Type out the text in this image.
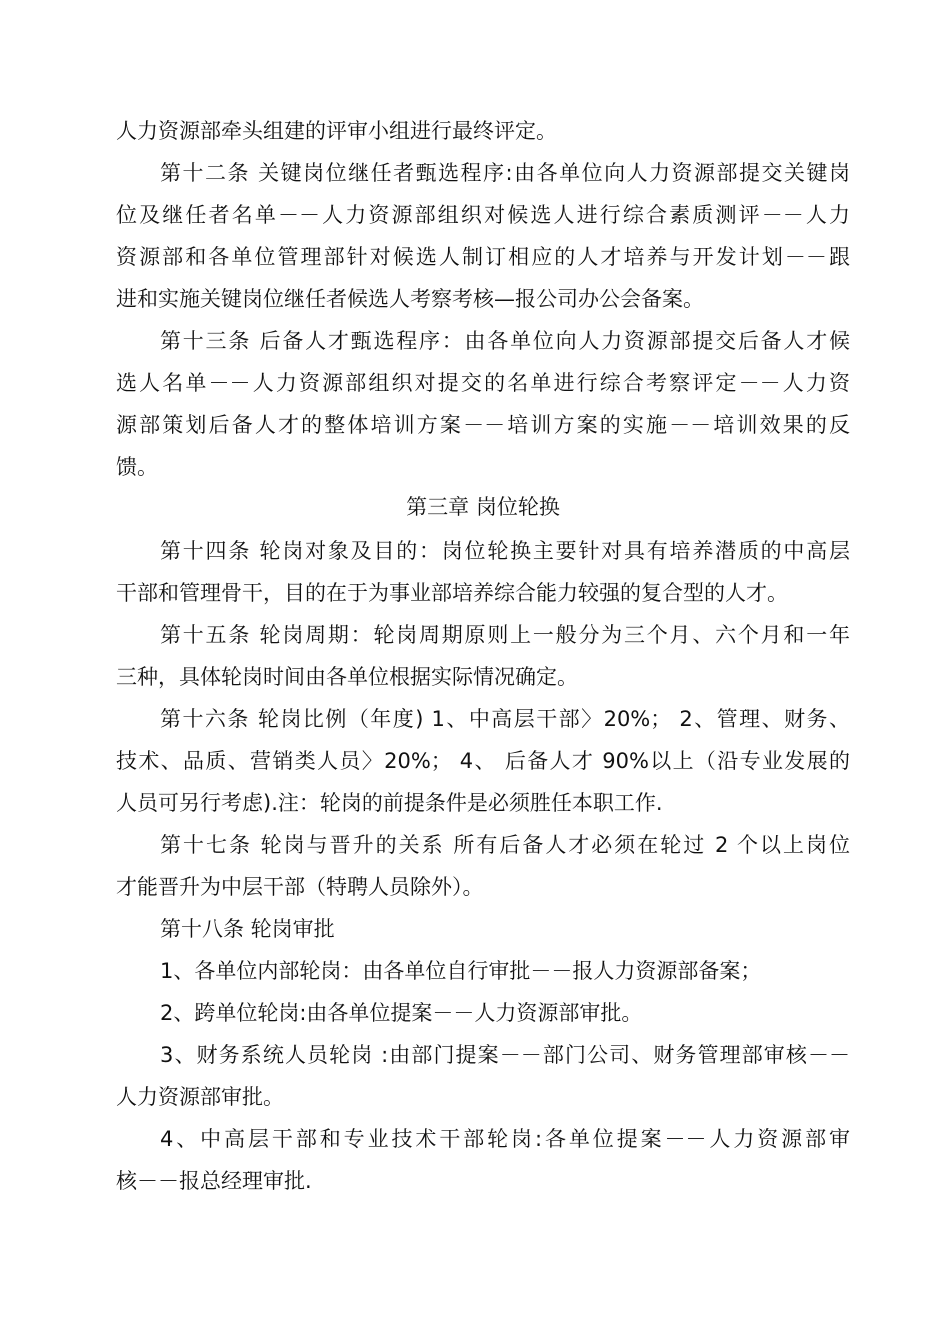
人力资源部牵头组建的评审小组进行最终评定。
第十二条 关键岗位继任者甄选程序:由各单位向人力资源部提交关键岗
位及继任者名单－－人力资源部组织对候选人进行综合素质测评－－人力
资源部和各单位管理部针对候选人制订相应的人才培养与开发计划－－跟
进和实施关键岗位继任者候选人考察考核—报公司办公会备案。
第十三条 后备人才甄选程序：由各单位向人力资源部提交后备人才候
选人名单－－人力资源部组织对提交的名单进行综合考察评定－－人力资
源部策划后备人才的整体培训方案－－培训方案的实施－－培训效果的反
馈。
第三章 岗位轮换
第十四条 轮岗对象及目的：岗位轮换主要针对具有培养潜质的中高层
干部和管理骨干，目的在于为事业部培养综合能力较强的复合型的人才。
第十五条 轮岗周期：轮岗周期原则上一般分为三个月、六个月和一年
三种，具体轮岗时间由各单位根据实际情况确定。
第十六条 轮岗比例（年度) 1、中高层干部〉20%； 2、管理、财务、
技术、品质、营销类人员〉20%； 4、 后备人才 90%以上（沿专业发展的
人员可另行考虑).注：轮岗的前提条件是必须胜任本职工作.
第十七条 轮岗与晋升的关系 所有后备人才必须在轮过 2 个以上岗位
才能晋升为中层干部（特聘人员除外）。
第十八条 轮岗审批
1、各单位内部轮岗：由各单位自行审批－－报人力资源部备案；
2、跨单位轮岗:由各单位提案－－人力资源部审批。
3、财务系统人员轮岗 :由部门提案－－部门公司、财务管理部审核－－
人力资源部审批。
4、中高层干部和专业技术干部轮岗:各单位提案－－人力资源部审
核－－报总经理审批.
